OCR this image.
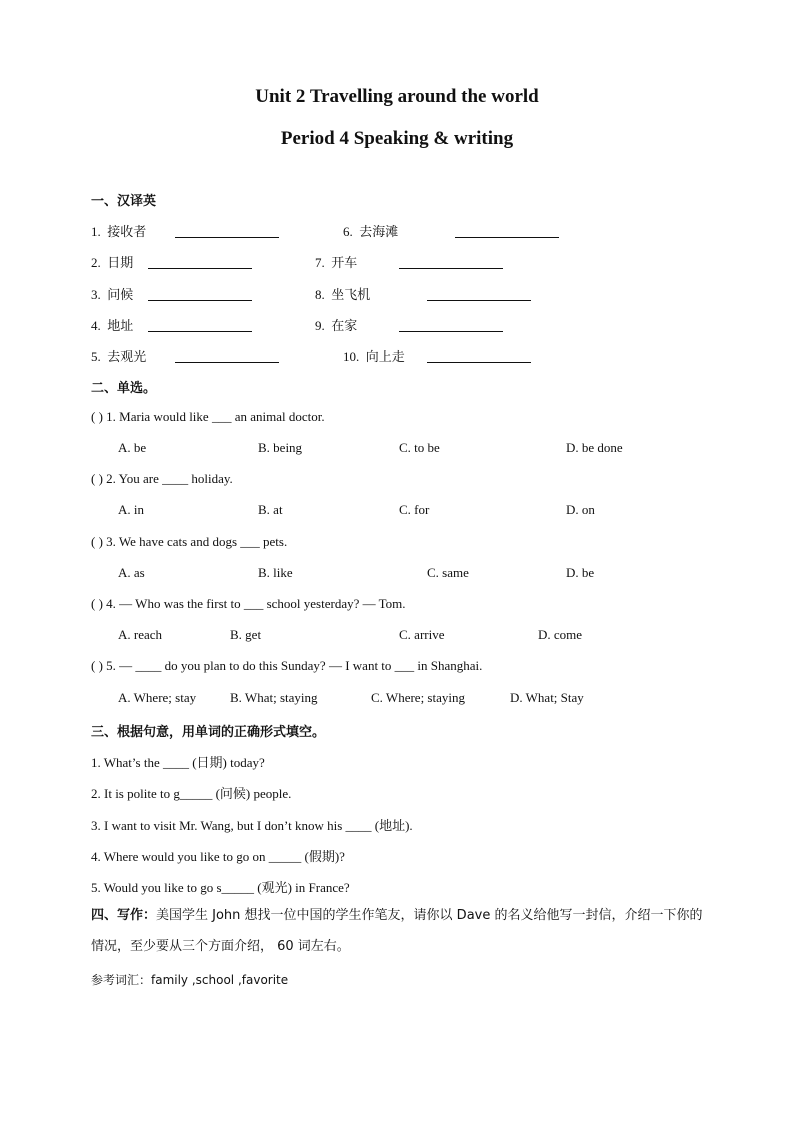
Unit 2 Travelling around the world
Period 4 Speaking & writing
一、汉译英
1. 接收者
2. 日期
3. 问候
4. 地址
5. 去观光
6. 去海滩
7. 开车
8. 坐飞机
9. 在家
10. 向上走
二、单选。
( ) 1. Maria would like ___ an animal doctor.
A. be	B. being	C. to be	D. be done
( ) 2. You are ____ holiday.
A. in	B. at	C. for	D. on
( ) 3. We have cats and dogs ___ pets.
A. as	B. like	C. same	D. be
( ) 4. — Who was the first to ___ school yesterday? — Tom.
A. reach	B. get	C. arrive	D. come
( ) 5. — ____ do you plan to do this Sunday? — I want to ___ in Shanghai.
A. Where; stay	B. What; staying	C. Where; staying	D. What; Stay
三、根据句意，用单词的正确形式填空。
1. What’s the ____ (日期) today?
2. It is polite to g_____ (问候) people.
3. I want to visit Mr. Wang, but I don’t know his ____ (地址).
4. Where would you like to go on _____ (假期)?
5. Would you like to go s_____ (观光) in France?
四、写作：美国学生 John 想找一位中国的学生作笔友，请你以 Dave 的名义给他写一封信，介绍一下你的情况，至少要从三个方面介绍， 60 词左右。
参考词汇：family ,school ,favorite
